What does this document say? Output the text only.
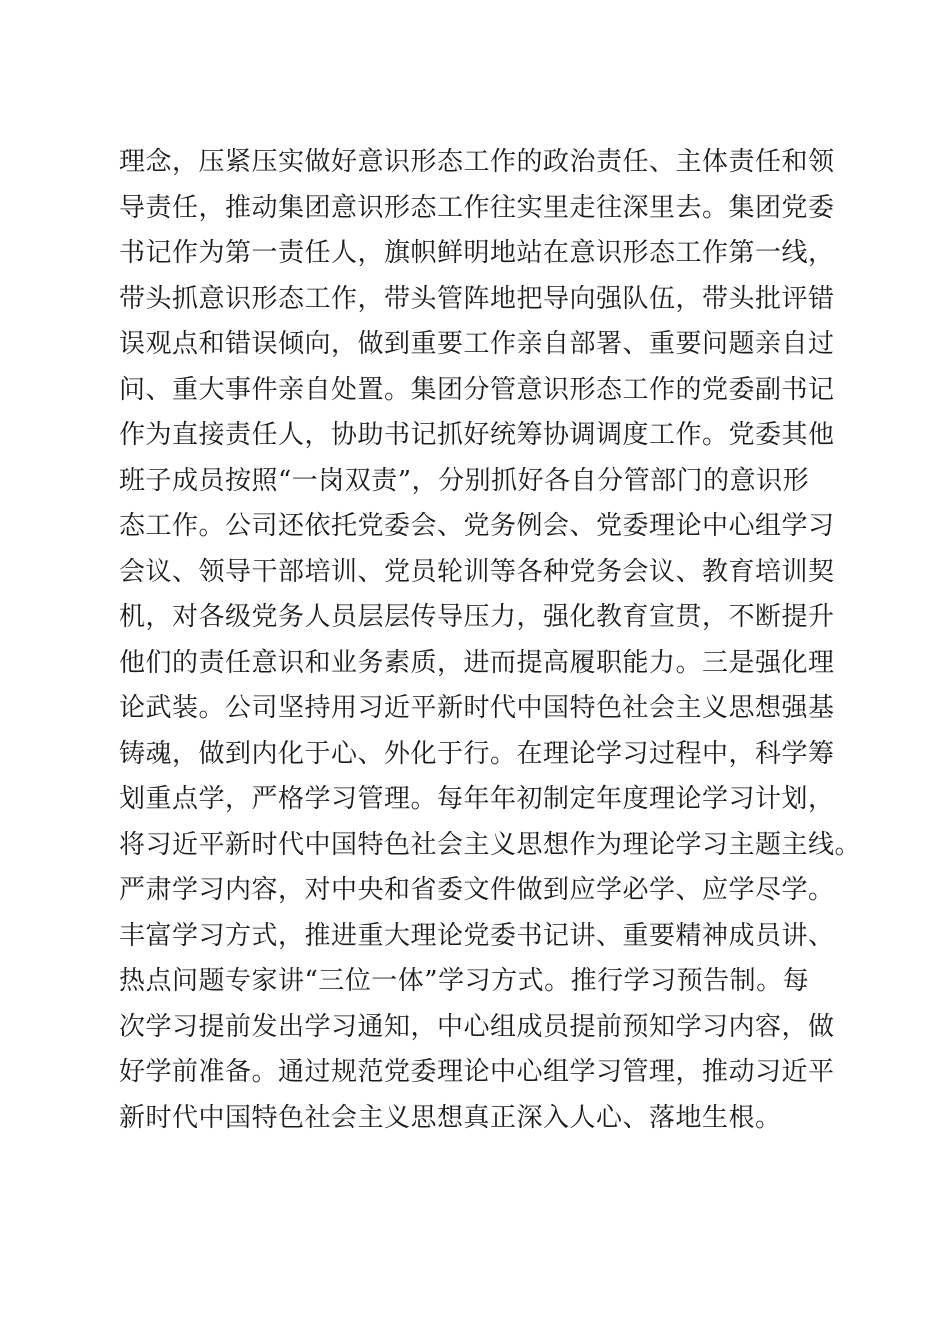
理念，压紧压实做好意识形态工作的政治责任、主体责任和领
导责任，推动集团意识形态工作往实里走往深里去。集团党委
书记作为第一责任人，旗帜鲜明地站在意识形态工作第一线，
带头抓意识形态工作，带头管阵地把导向强队伍，带头批评错
误观点和错误倾向，做到重要工作亲自部署、重要问题亲自过
问、重大事件亲自处置。集团分管意识形态工作的党委副书记
作为直接责任人，协助书记抓好统筹协调调度工作。党委其他
班子成员按照“一岗双责”，分别抓好各自分管部门的意识形
态工作。公司还依托党委会、党务例会、党委理论中心组学习
会议、领导干部培训、党员轮训等各种党务会议、教育培训契
机，对各级党务人员层层传导压力，强化教育宣贯，不断提升
他们的责任意识和业务素质，进而提高履职能力。三是强化理
论武装。公司坚持用习近平新时代中国特色社会主义思想强基
铸魂，做到内化于心、外化于行。在理论学习过程中，科学筹
划重点学，严格学习管理。每年年初制定年度理论学习计划，
将习近平新时代中国特色社会主义思想作为理论学习主题主线。
严肃学习内容，对中央和省委文件做到应学必学、应学尽学。
丰富学习方式，推进重大理论党委书记讲、重要精神成员讲、
热点问题专家讲“三位一体”学习方式。推行学习预告制。每
次学习提前发出学习通知，中心组成员提前预知学习内容，做
好学前准备。通过规范党委理论中心组学习管理，推动习近平
新时代中国特色社会主义思想真正深入人心、落地生根。
